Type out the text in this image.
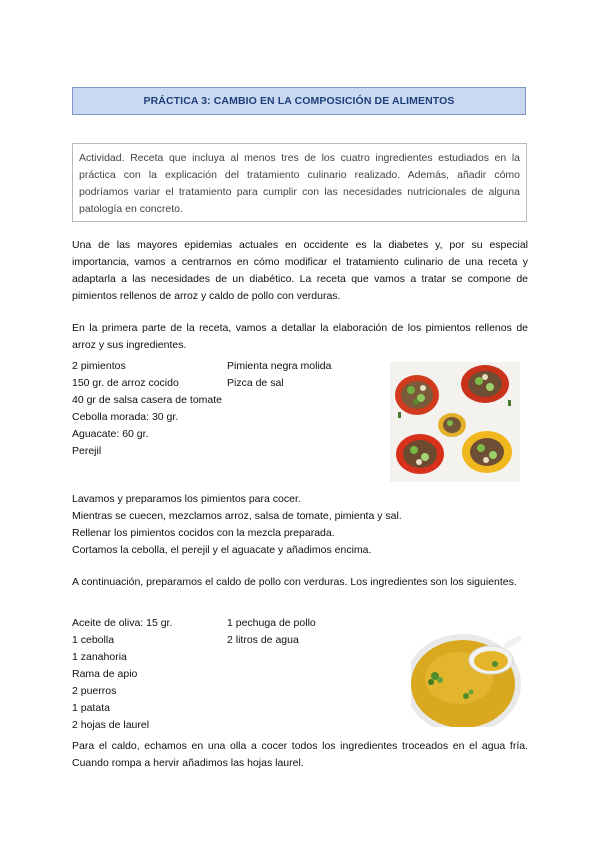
PRÁCTICA 3: CAMBIO EN LA COMPOSICIÓN DE ALIMENTOS
Actividad. Receta que incluya al menos tres de los cuatro ingredientes estudiados en la práctica con la explicación del tratamiento culinario realizado. Además, añadir cómo podríamos variar el tratamiento para cumplir con las necesidades nutricionales de alguna patología en concreto.
Una de las mayores epidemias actuales en occidente es la diabetes y, por su especial importancia, vamos a centrarnos en cómo modificar el tratamiento culinario de una receta y adaptarla a las necesidades de un diabético. La receta que vamos a tratar se compone de pimientos rellenos de arroz y caldo de pollo con verduras.
En la primera parte de la receta, vamos a detallar la elaboración de los pimientos rellenos de arroz y sus ingredientes.
2 pimientos
150 gr. de arroz cocido
40 gr de salsa casera de tomate
Cebolla morada: 30 gr.
Aguacate: 60 gr.
Perejil
Pimienta negra molida
Pizca de sal
Lavamos y preparamos los pimientos para cocer.
Mientras se cuecen, mezclamos arroz, salsa de tomate, pimienta y sal.
Rellenar los pimientos cocidos con la mezcla preparada.
Cortamos la cebolla, el perejil y el aguacate y añadimos encima.
A continuación, preparamos el caldo de pollo con verduras. Los ingredientes son los siguientes.
Aceite de oliva: 15 gr.
1 cebolla
1 zanahoria
Rama de apio
2 puerros
1 patata
2 hojas de laurel
1 pechuga de pollo
2 litros de agua
Para el caldo, echamos en una olla a cocer todos los ingredientes troceados en el agua fría. Cuando rompa a hervir añadimos las hojas laurel.
